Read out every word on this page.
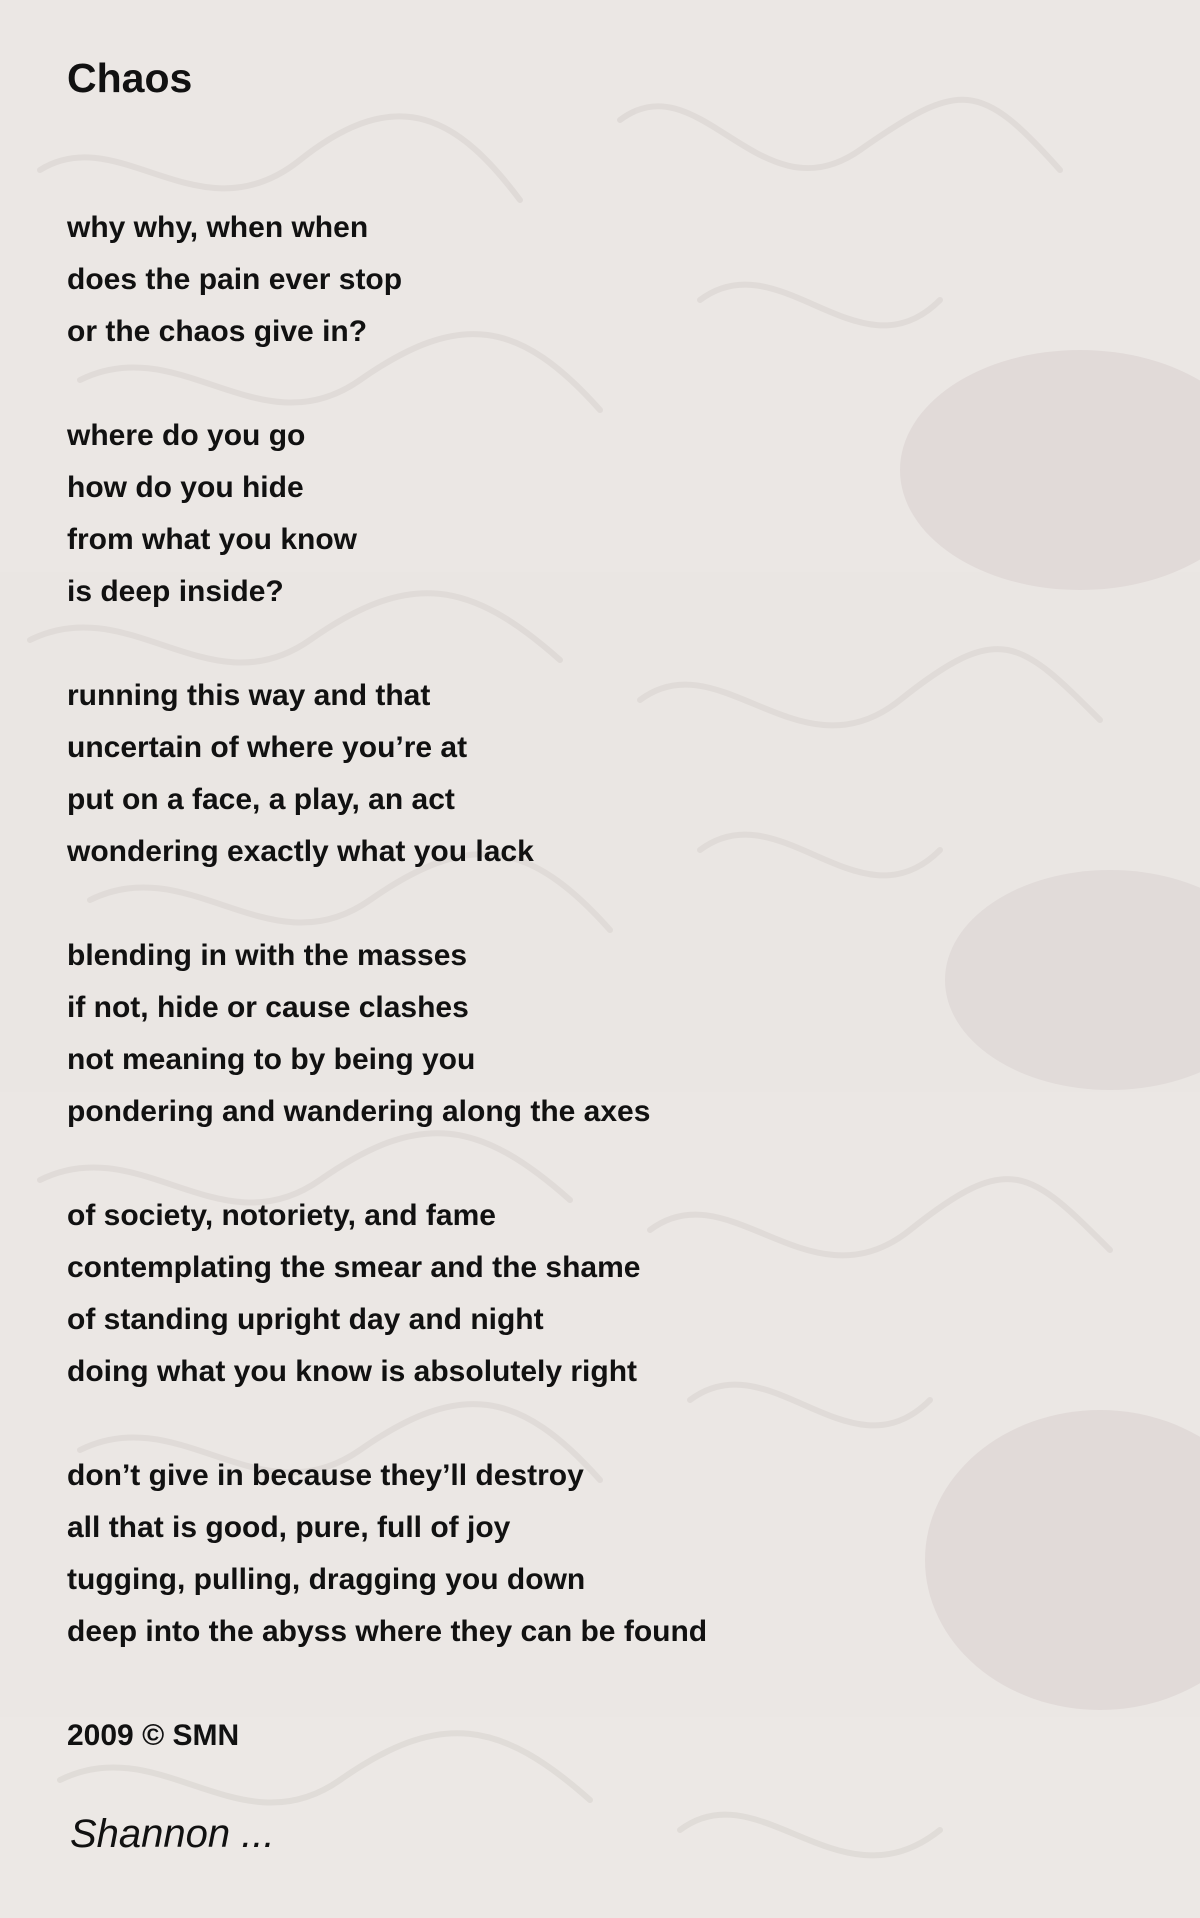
Chaos
why why, when when
does the pain ever stop
or the chaos give in?
where do you go
how do you hide
from what you know
is deep inside?
running this way and that
uncertain of where you’re at
put on a face, a play, an act
wondering exactly what you lack
blending in with the masses
if not, hide or cause clashes
not meaning to by being you
pondering and wandering along the axes
of society, notoriety, and fame
contemplating the smear and the shame
of standing upright day and night
doing what you know is absolutely right
don’t give in because they’ll destroy
all that is good, pure, full of joy
tugging, pulling, dragging you down
deep into the abyss where they can be found
2009 © SMN
Shannon ...
